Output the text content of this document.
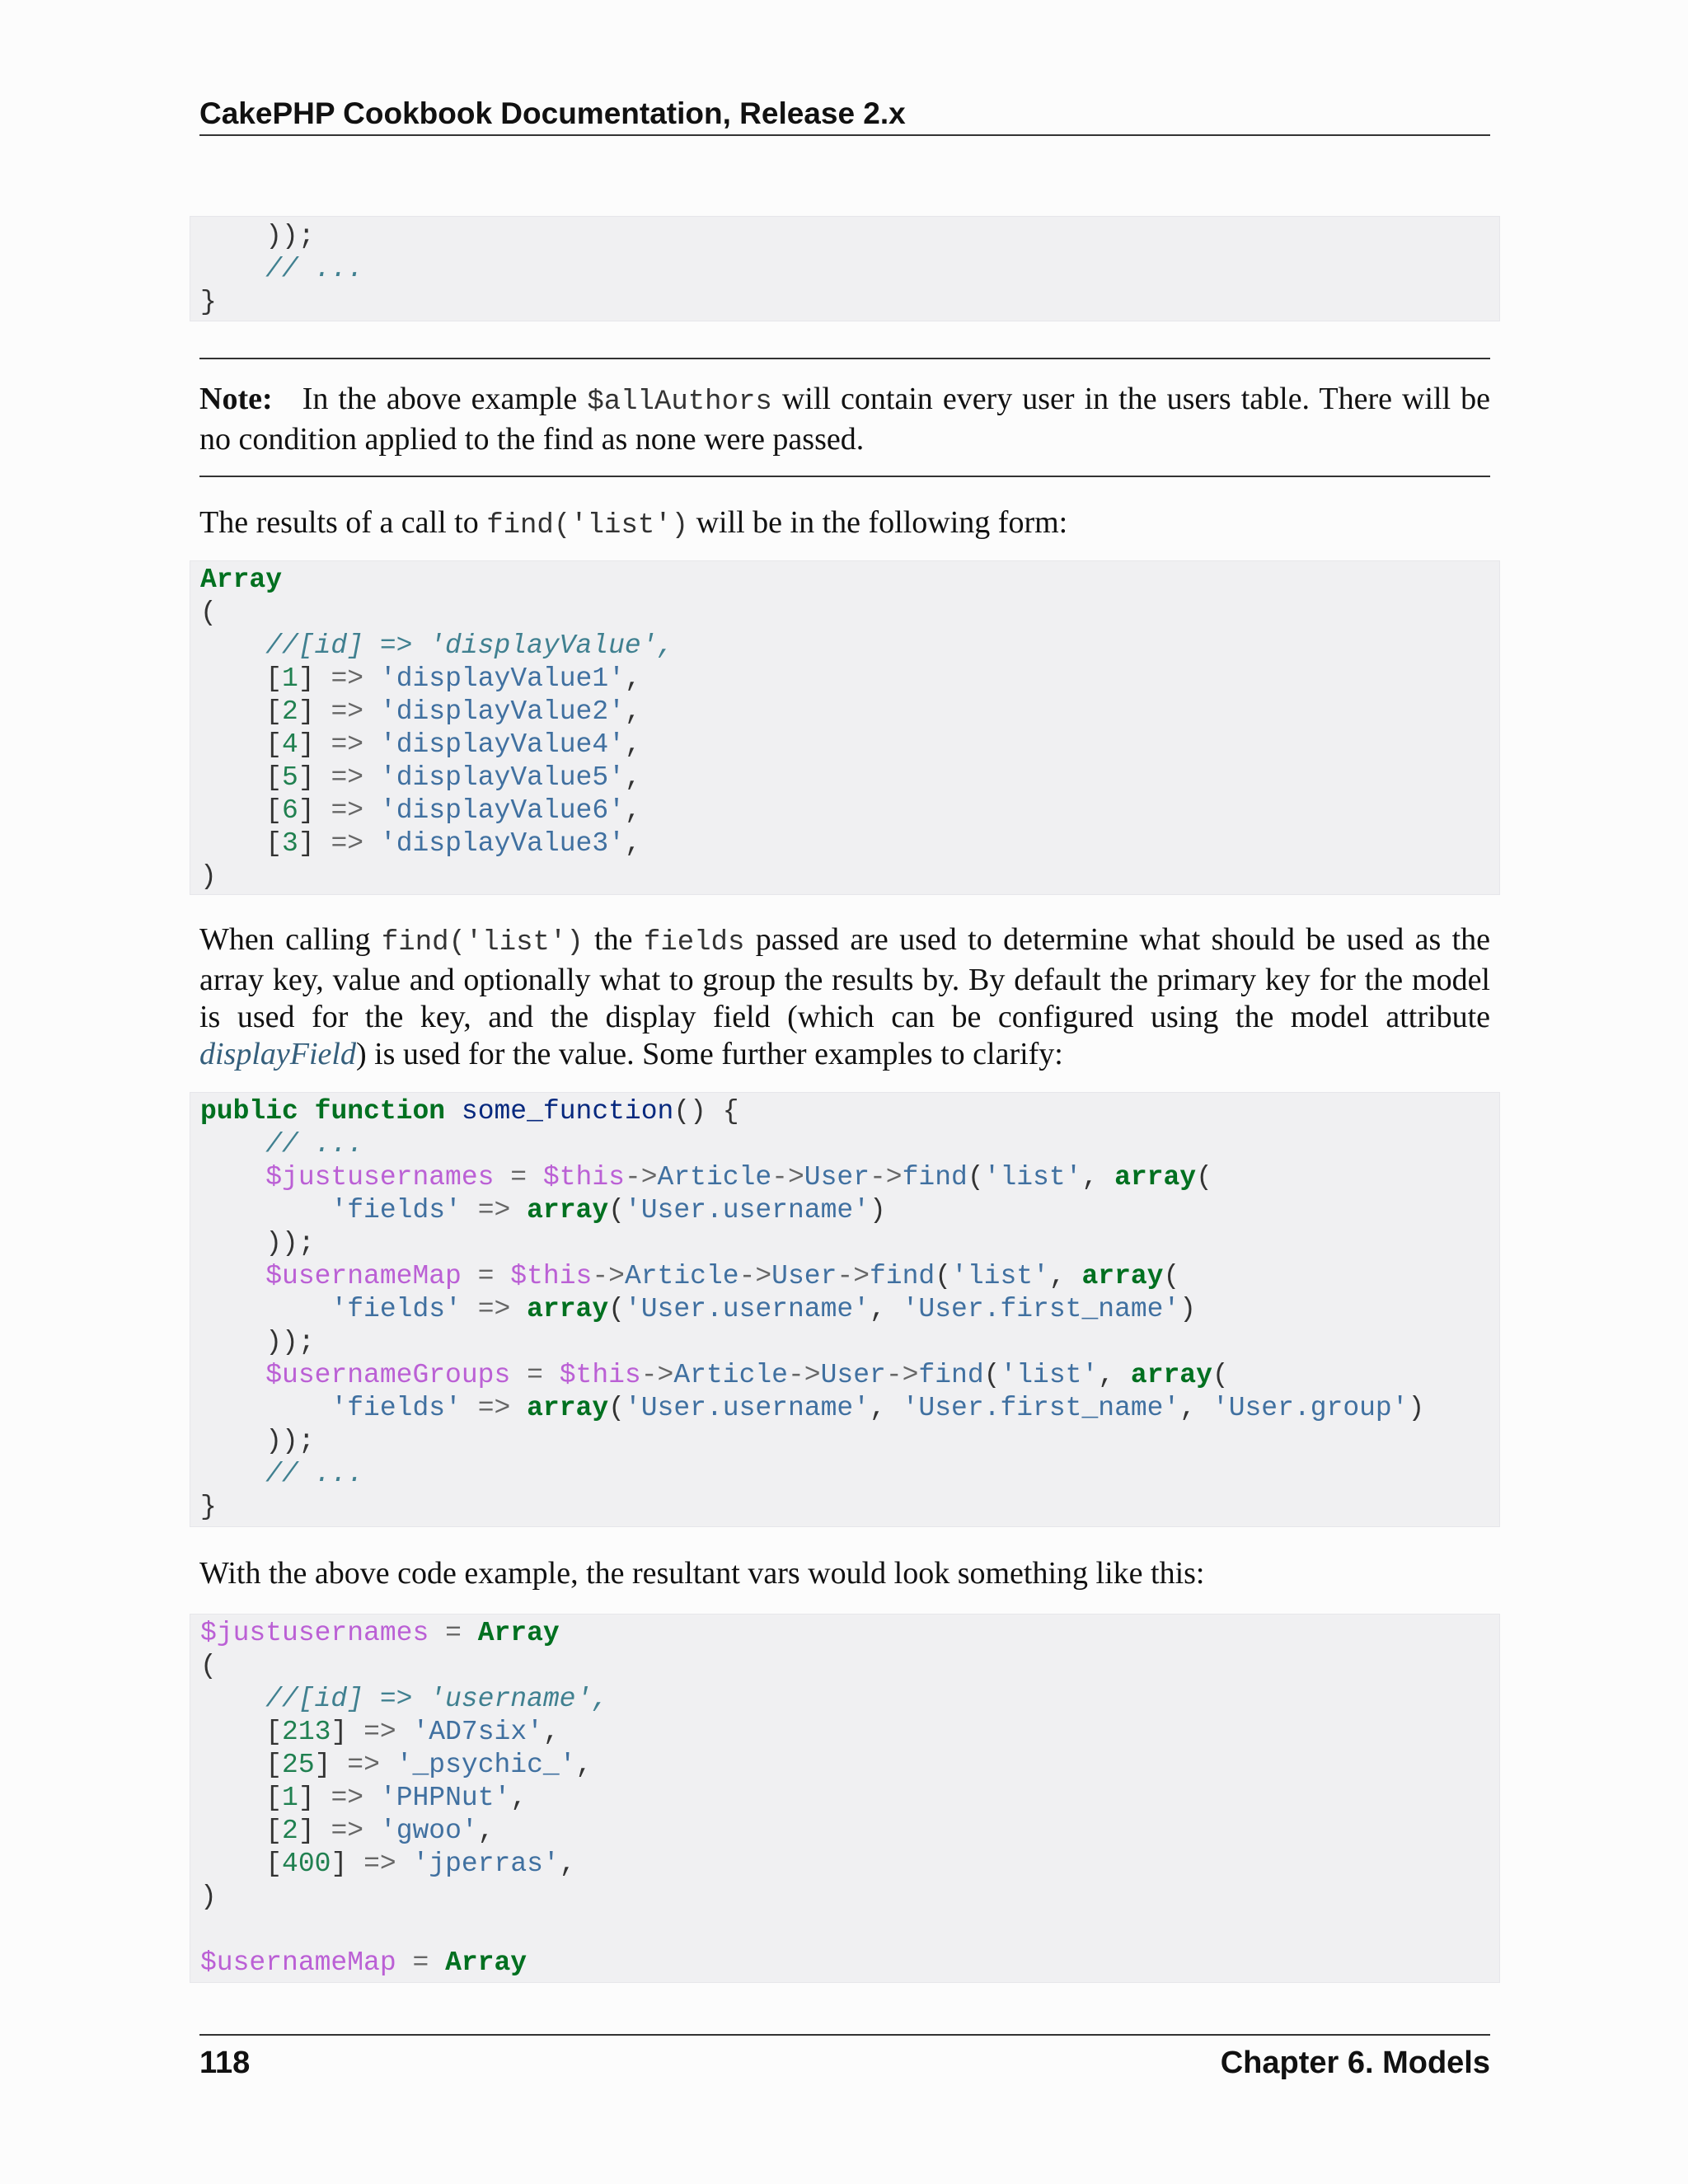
CakePHP Cookbook Documentation, Release 2.x
));
// ...
}
Note: In the above example $allAuthors will contain every user in the users table. There will be no condition applied to the find as none were passed.
The results of a call to find('list') will be in the following form:
Array
(
//[id] => 'displayValue',
[1] => 'displayValue1',
[2] => 'displayValue2',
[4] => 'displayValue4',
[5] => 'displayValue5',
[6] => 'displayValue6',
[3] => 'displayValue3',
)
When calling find('list') the fields passed are used to determine what should be used as the array key, value and optionally what to group the results by. By default the primary key for the model is used for the key, and the display field (which can be configured using the model attribute displayField) is used for the value. Some further examples to clarify:
public function some_function() {
// ...
$justusernames = $this->Article->User->find('list', array(
'fields' => array('User.username')
));
$usernameMap = $this->Article->User->find('list', array(
'fields' => array('User.username', 'User.first_name')
));
$usernameGroups = $this->Article->User->find('list', array(
'fields' => array('User.username', 'User.first_name', 'User.group')
));
// ...
}
With the above code example, the resultant vars would look something like this:
$justusernames = Array
(
//[id] => 'username',
[213] => 'AD7six',
[25] => '_psychic_',
[1] => 'PHPNut',
[2] => 'gwoo',
[400] => 'jperras',
)

$usernameMap = Array
118	Chapter 6. Models
